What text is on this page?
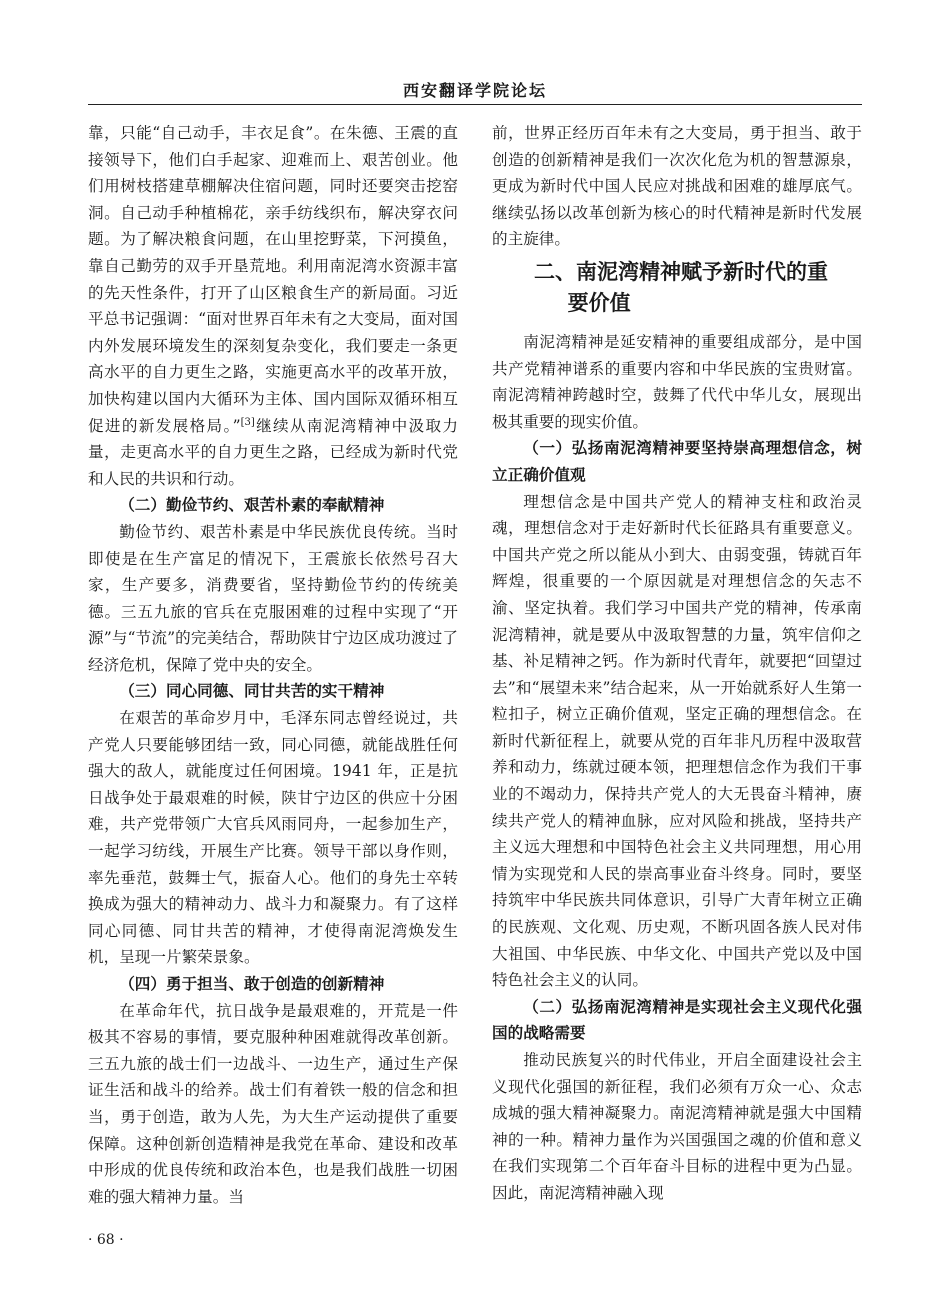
西安翻译学院论坛

靠，只能“自己动手，丰衣足食”。在朱德、王震的直接领导下，他们白手起家、迎难而上、艰苦创业。他们用树枝搭建草棚解决住宿问题，同时还要突击挖窑洞。自己动手种植棉花，亲手纺线织布，解决穿衣问题。为了解决粮食问题，在山里挖野菜，下河摸鱼，靠自己勤劳的双手开垦荒地。利用南泥湾水资源丰富的先天性条件，打开了山区粮食生产的新局面。习近平总书记强调：“面对世界百年未有之大变局，面对国内外发展环境发生的深刻复杂变化，我们要走一条更高水平的自力更生之路，实施更高水平的改革开放，加快构建以国内大循环为主体、国内国际双循环相互促进的新发展格局。”[3]继续从南泥湾精神中汲取力量，走更高水平的自力更生之路，已经成为新时代党和人民的共识和行动。

（二）勤俭节约、艰苦朴素的奉献精神

勤俭节约、艰苦朴素是中华民族优良传统。当时即使是在生产富足的情况下，王震旅长依然号召大家，生产要多，消费要省，坚持勤俭节约的传统美德。三五九旅的官兵在克服困难的过程中实现了“开源”与“节流”的完美结合，帮助陕甘宁边区成功渡过了经济危机，保障了党中央的安全。

（三）同心同德、同甘共苦的实干精神

在艰苦的革命岁月中，毛泽东同志曾经说过，共产党人只要能够团结一致，同心同德，就能战胜任何强大的敌人，就能度过任何困境。1941 年，正是抗日战争处于最艰难的时候，陕甘宁边区的供应十分困难，共产党带领广大官兵风雨同舟，一起参加生产，一起学习纺线，开展生产比赛。领导干部以身作则，率先垂范，鼓舞士气，振奋人心。他们的身先士卒转换成为强大的精神动力、战斗力和凝聚力。有了这样同心同德、同甘共苦的精神，才使得南泥湾焕发生机，呈现一片繁荣景象。

（四）勇于担当、敢于创造的创新精神

在革命年代，抗日战争是最艰难的，开荒是一件极其不容易的事情，要克服种种困难就得改革创新。三五九旅的战士们一边战斗、一边生产，通过生产保证生活和战斗的给养。战士们有着铁一般的信念和担当，勇于创造，敢为人先，为大生产运动提供了重要保障。这种创新创造精神是我党在革命、建设和改革中形成的优良传统和政治本色，也是我们战胜一切困难的强大精神力量。当

前，世界正经历百年未有之大变局，勇于担当、敢于创造的创新精神是我们一次次化危为机的智慧源泉，更成为新时代中国人民应对挑战和困难的雄厚底气。继续弘扬以改革创新为核心的时代精神是新时代发展的主旋律。

二、南泥湾精神赋予新时代的重
要价值

南泥湾精神是延安精神的重要组成部分，是中国共产党精神谱系的重要内容和中华民族的宝贵财富。南泥湾精神跨越时空，鼓舞了代代中华儿女，展现出极其重要的现实价值。

（一）弘扬南泥湾精神要坚持崇高理想信念，树立正确价值观

理想信念是中国共产党人的精神支柱和政治灵魂，理想信念对于走好新时代长征路具有重要意义。中国共产党之所以能从小到大、由弱变强，铸就百年辉煌，很重要的一个原因就是对理想信念的矢志不渝、坚定执着。我们学习中国共产党的精神，传承南泥湾精神，就是要从中汲取智慧的力量，筑牢信仰之基、补足精神之钙。作为新时代青年，就要把“回望过去”和“展望未来”结合起来，从一开始就系好人生第一粒扣子，树立正确价值观，坚定正确的理想信念。在新时代新征程上，就要从党的百年非凡历程中汲取营养和动力，练就过硬本领，把理想信念作为我们干事业的不竭动力，保持共产党人的大无畏奋斗精神，赓续共产党人的精神血脉，应对风险和挑战，坚持共产主义远大理想和中国特色社会主义共同理想，用心用情为实现党和人民的崇高事业奋斗终身。同时，要坚持筑牢中华民族共同体意识，引导广大青年树立正确的民族观、文化观、历史观，不断巩固各族人民对伟大祖国、中华民族、中华文化、中国共产党以及中国特色社会主义的认同。

（二）弘扬南泥湾精神是实现社会主义现代化强国的战略需要

推动民族复兴的时代伟业，开启全面建设社会主义现代化强国的新征程，我们必须有万众一心、众志成城的强大精神凝聚力。南泥湾精神就是强大中国精神的一种。精神力量作为兴国强国之魂的价值和意义在我们实现第二个百年奋斗目标的进程中更为凸显。因此，南泥湾精神融入现

· 68 ·
